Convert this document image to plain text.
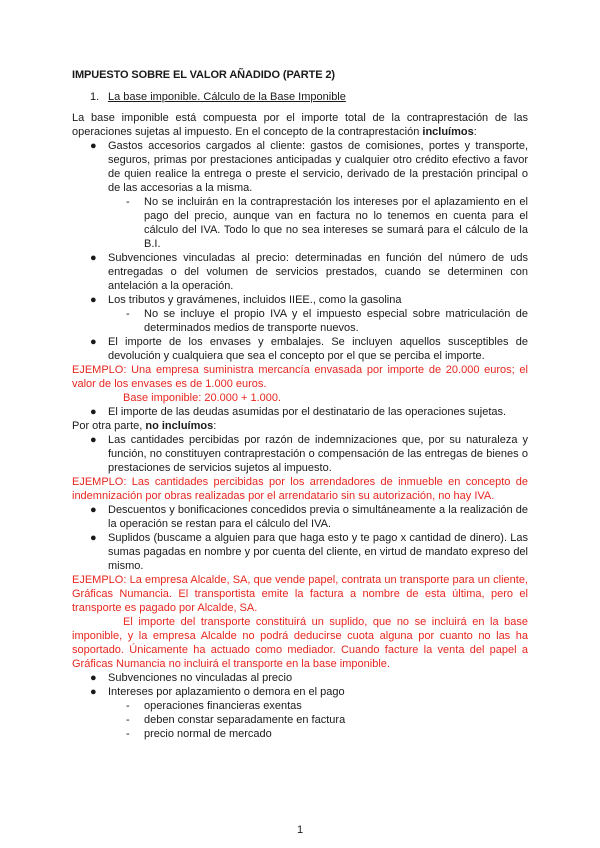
IMPUESTO SOBRE EL VALOR AÑADIDO (PARTE 2)
1. La base imponible. Cálculo de la Base Imponible

La base imponible está compuesta por el importe total de la contraprestación de las operaciones sujetas al impuesto. En el concepto de la contraprestación incluímos:

● Gastos accesorios cargados al cliente: gastos de comisiones, portes y transporte, seguros, primas por prestaciones anticipadas y cualquier otro crédito efectivo a favor de quien realice la entrega o preste el servicio, derivado de la prestación principal o de las accesorias a la misma.
- No se incluirán en la contraprestación los intereses por el aplazamiento en el pago del precio, aunque van en factura no lo tenemos en cuenta para el cálculo del IVA. Todo lo que no sea intereses se sumará para el cálculo de la B.I.
● Subvenciones vinculadas al precio: determinadas en función del número de uds entregadas o del volumen de servicios prestados, cuando se determinen con antelación a la operación.
● Los tributos y gravámenes, incluidos IIEE., como la gasolina
- No se incluye el propio IVA y el impuesto especial sobre matriculación de determinados medios de transporte nuevos.
● El importe de los envases y embalajes. Se incluyen aquellos susceptibles de devolución y cualquiera que sea el concepto por el que se perciba el importe.

EJEMPLO: Una empresa suministra mercancía envasada por importe de 20.000 euros; el valor de los envases es de 1.000 euros.

Base imponible: 20.000 + 1.000.

● El importe de las deudas asumidas por el destinatario de las operaciones sujetas.

Por otra parte, no incluímos:

● Las cantidades percibidas por razón de indemnizaciones que, por su naturaleza y función, no constituyen contraprestación o compensación de las entregas de bienes o prestaciones de servicios sujetos al impuesto.

EJEMPLO: Las cantidades percibidas por los arrendadores de inmueble en concepto de indemnización por obras realizadas por el arrendatario sin su autorización, no hay IVA.

● Descuentos y bonificaciones concedidos previa o simultáneamente a la realización de la operación se restan para el cálculo del IVA.
● Suplidos (buscame a alguien para que haga esto y te pago x cantidad de dinero). Las sumas pagadas en nombre y por cuenta del cliente, en virtud de mandato expreso del mismo.

EJEMPLO: La empresa Alcalde, SA, que vende papel, contrata un transporte para un cliente, Gráficas Numancia. El transportista emite la factura a nombre de esta última, pero el transporte es pagado por Alcalde, SA.

El importe del transporte constituirá un suplido, que no se incluirá en la base imponible, y la empresa Alcalde no podrá deducirse cuota alguna por cuanto no las ha soportado. Únicamente ha actuado como mediador. Cuando facture la venta del papel a Gráficas Numancia no incluirá el transporte en la base imponible.

● Subvenciones no vinculadas al precio
● Intereses por aplazamiento o demora en el pago
- operaciones financieras exentas
- deben constar separadamente en factura
- precio normal de mercado
1
